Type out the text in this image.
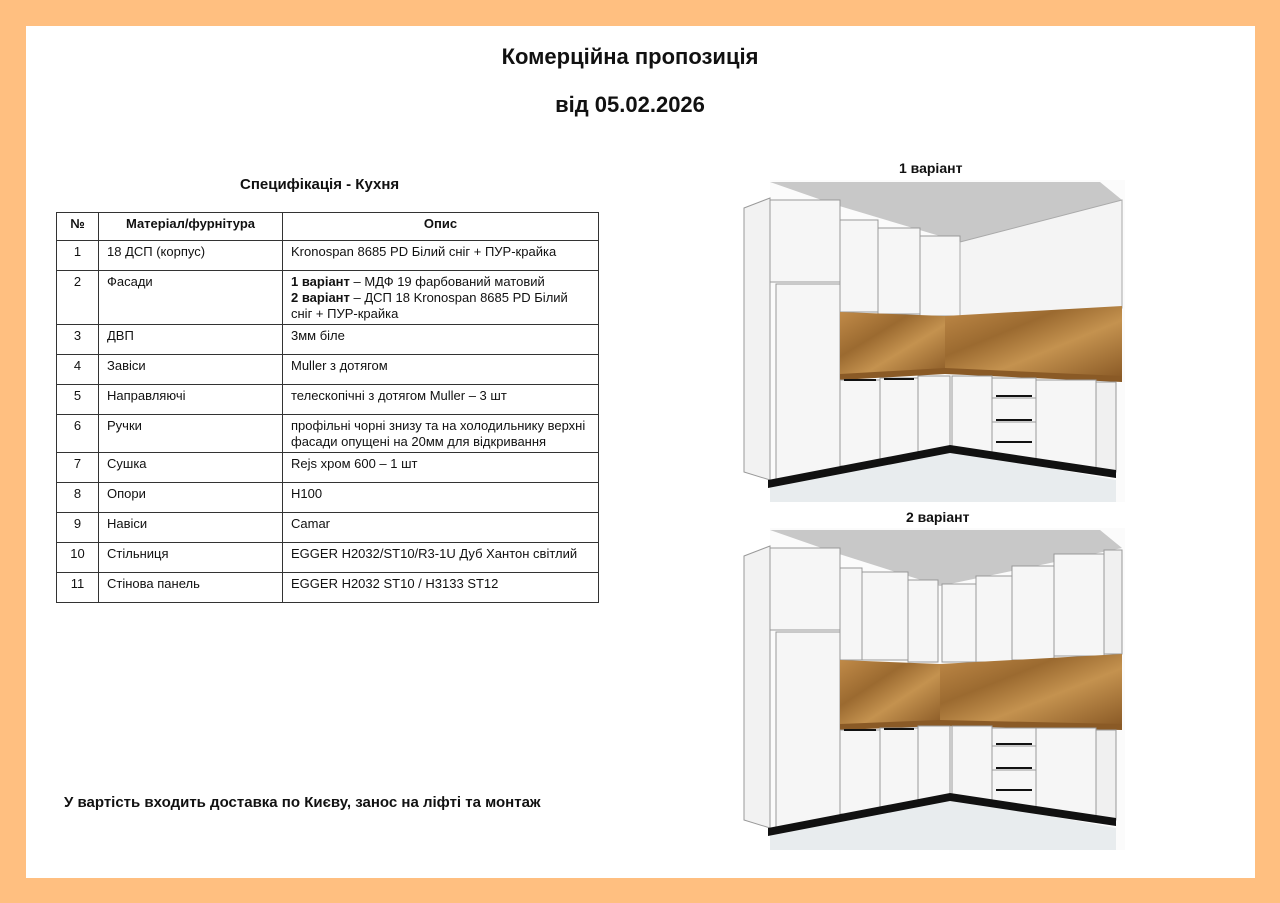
Комерційна пропозиція
від 05.02.2026
Специфікація - Кухня
№	Матеріал/фурнітура	Опис
1	18 ДСП (корпус)	Kronospan 8685 PD Білий сніг + ПУР-крайка
2	Фасади	1 варіант – МДФ 19 фарбований матовий
2 варіант – ДСП 18 Kronospan 8685 PD Білий сніг + ПУР-крайка
3	ДВП	3мм біле
4	Завіси	Muller з дотягом
5	Направляючі	телескопічні з дотягом Muller – 3 шт
6	Ручки	профільні чорні знизу та на холодильнику верхні фасади опущені на 20мм для відкривання
7	Сушка	Rejs хром 600 – 1 шт
8	Опори	H100
9	Навіси	Camar
10	Стільниця	EGGER H2032/ST10/R3-1U Дуб Хантон світлий
11	Стінова панель	EGGER H2032 ST10 / H3133 ST12
У вартість входить доставка по Києву, занос на ліфті та монтаж
1 варіант
2 варіант
